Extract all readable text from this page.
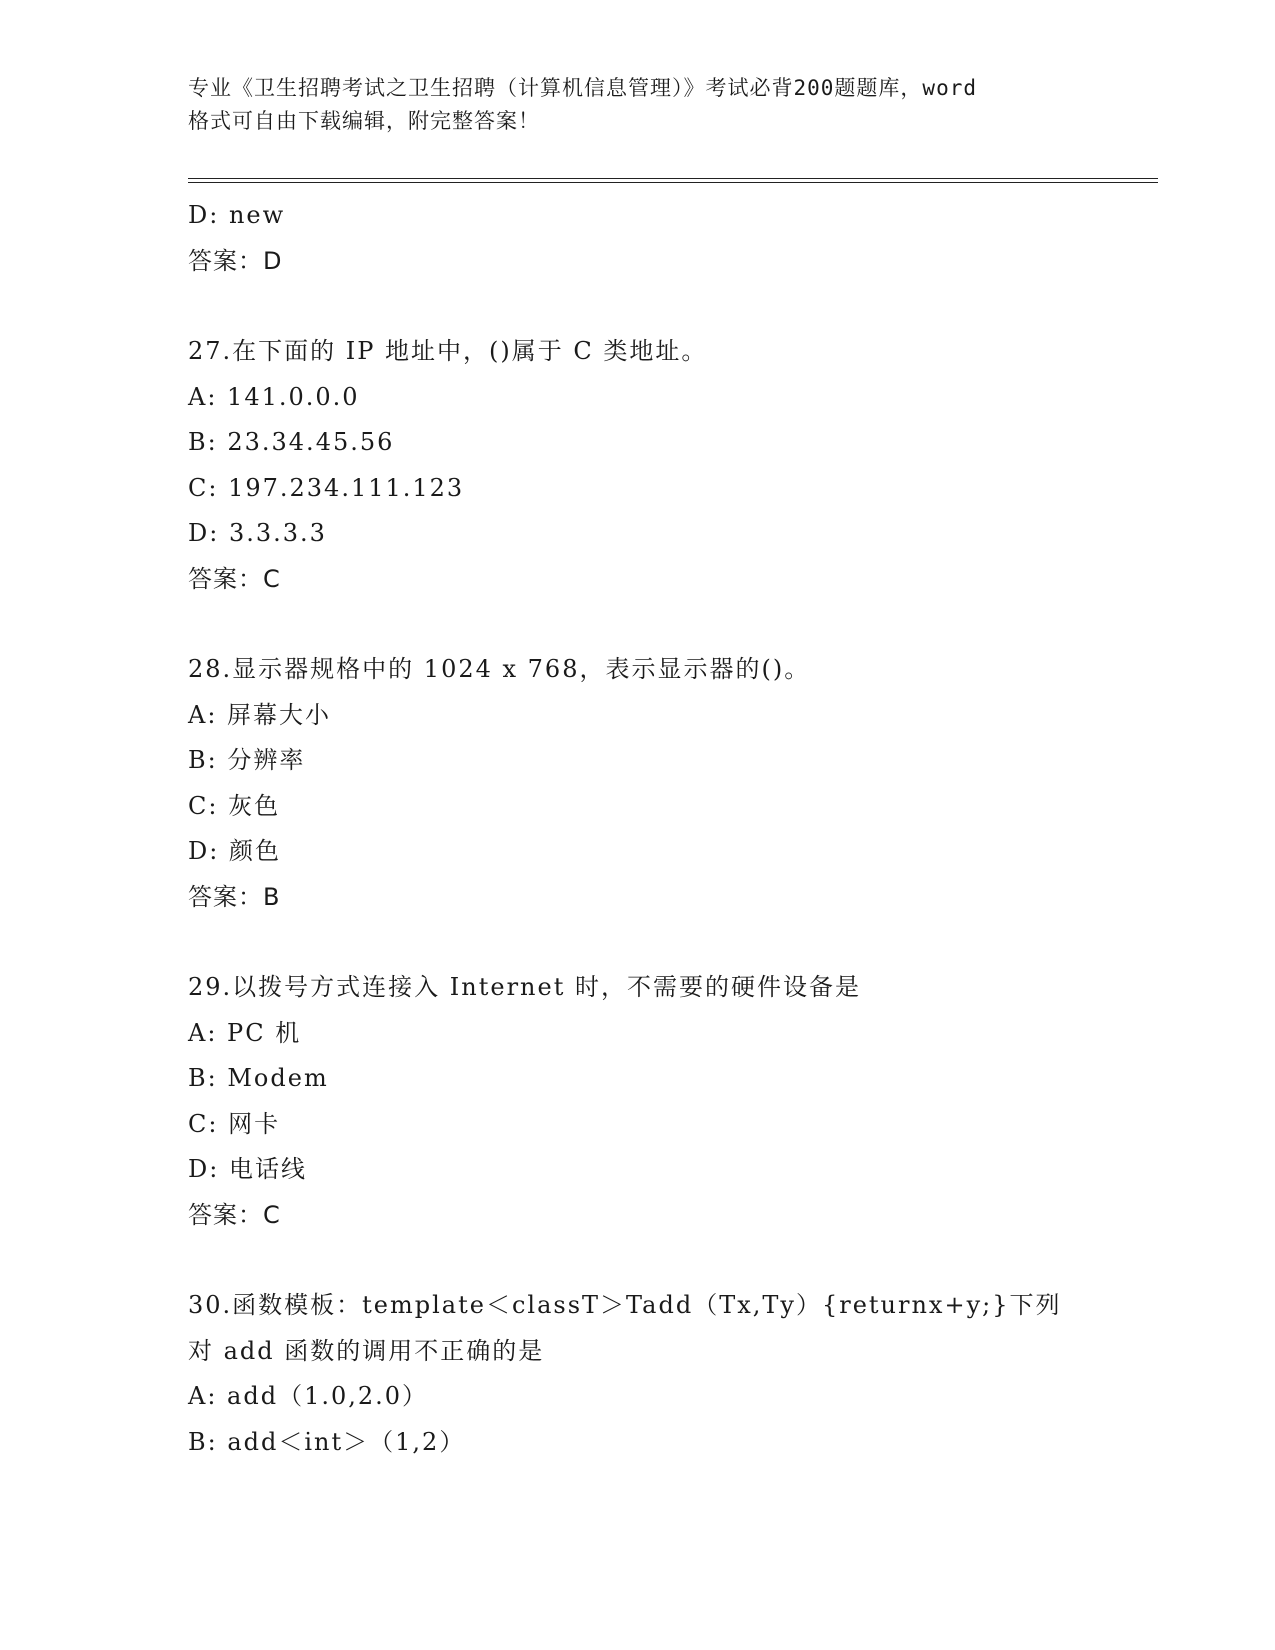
专业《卫生招聘考试之卫生招聘（计算机信息管理）》考试必背200题题库，word
格式可自由下载编辑，附完整答案！
D: new
答案：D
27.在下面的 IP 地址中，()属于 C 类地址。
A: 141.0.0.0
B: 23.34.45.56
C: 197.234.111.123
D: 3.3.3.3
答案：C
28.显示器规格中的 1024 x 768，表示显示器的()。
A: 屏幕大小
B: 分辨率
C: 灰色
D: 颜色
答案：B
29.以拨号方式连接入 Internet 时，不需要的硬件设备是
A: PC 机
B: Modem
C: 网卡
D: 电话线
答案：C
30.函数模板：template＜classT＞Tadd（Tx,Ty）{returnx+y;}下列
对 add 函数的调用不正确的是
A: add（1.0,2.0）
B: add＜int＞（1,2）
